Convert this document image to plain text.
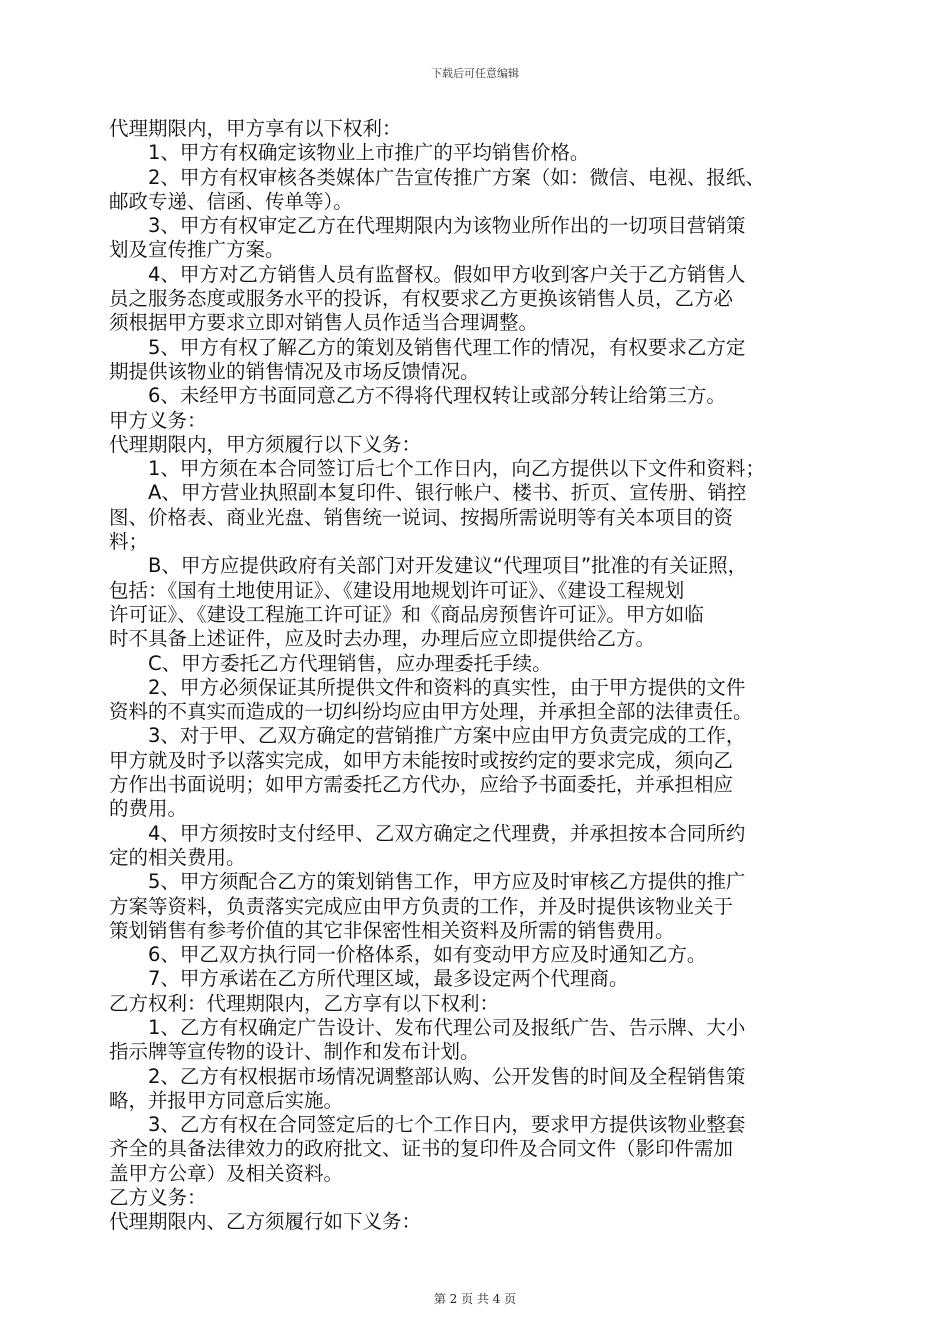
下载后可任意编辑
代理期限内，甲方享有以下权利：
1、甲方有权确定该物业上市推广的平均销售价格。
2、甲方有权审核各类媒体广告宣传推广方案（如：微信、电视、报纸、
邮政专递、信函、传单等）。
3、甲方有权审定乙方在代理期限内为该物业所作出的一切项目营销策
划及宣传推广方案。
4、甲方对乙方销售人员有监督权。假如甲方收到客户关于乙方销售人
员之服务态度或服务水平的投诉，有权要求乙方更换该销售人员，乙方必
须根据甲方要求立即对销售人员作适当合理调整。
5、甲方有权了解乙方的策划及销售代理工作的情况，有权要求乙方定
期提供该物业的销售情况及市场反馈情况。
6、未经甲方书面同意乙方不得将代理权转让或部分转让给第三方。
甲方义务：
代理期限内，甲方须履行以下义务：
1、甲方须在本合同签订后七个工作日内，向乙方提供以下文件和资料；
A、甲方营业执照副本复印件、银行帐户、楼书、折页、宣传册、销控
图、价格表、商业光盘、销售统一说词、按揭所需说明等有关本项目的资
料；
B、甲方应提供政府有关部门对开发建议“代理项目”批准的有关证照，
包括：《国有土地使用证》、《建设用地规划许可证》、《建设工程规划
许可证》、《建设工程施工许可证》和《商品房预售许可证》。甲方如临
时不具备上述证件，应及时去办理，办理后应立即提供给乙方。
C、甲方委托乙方代理销售，应办理委托手续。
2、甲方必须保证其所提供文件和资料的真实性，由于甲方提供的文件
资料的不真实而造成的一切纠纷均应由甲方处理，并承担全部的法律责任。
3、对于甲、乙双方确定的营销推广方案中应由甲方负责完成的工作，
甲方就及时予以落实完成，如甲方未能按时或按约定的要求完成，须向乙
方作出书面说明；如甲方需委托乙方代办，应给予书面委托，并承担相应
的费用。
4、甲方须按时支付经甲、乙双方确定之代理费，并承担按本合同所约
定的相关费用。
5、甲方须配合乙方的策划销售工作，甲方应及时审核乙方提供的推广
方案等资料，负责落实完成应由甲方负责的工作，并及时提供该物业关于
策划销售有参考价值的其它非保密性相关资料及所需的销售费用。
6、甲乙双方执行同一价格体系，如有变动甲方应及时通知乙方。
7、甲方承诺在乙方所代理区域，最多设定两个代理商。
乙方权利：代理期限内，乙方享有以下权利：
1、乙方有权确定广告设计、发布代理公司及报纸广告、告示牌、大小
指示牌等宣传物的设计、制作和发布计划。
2、乙方有权根据市场情况调整部认购、公开发售的时间及全程销售策
略，并报甲方同意后实施。
3、乙方有权在合同签定后的七个工作日内，要求甲方提供该物业整套
齐全的具备法律效力的政府批文、证书的复印件及合同文件（影印件需加
盖甲方公章）及相关资料。
乙方义务：
代理期限内、乙方须履行如下义务：
第 2 页 共 4 页
